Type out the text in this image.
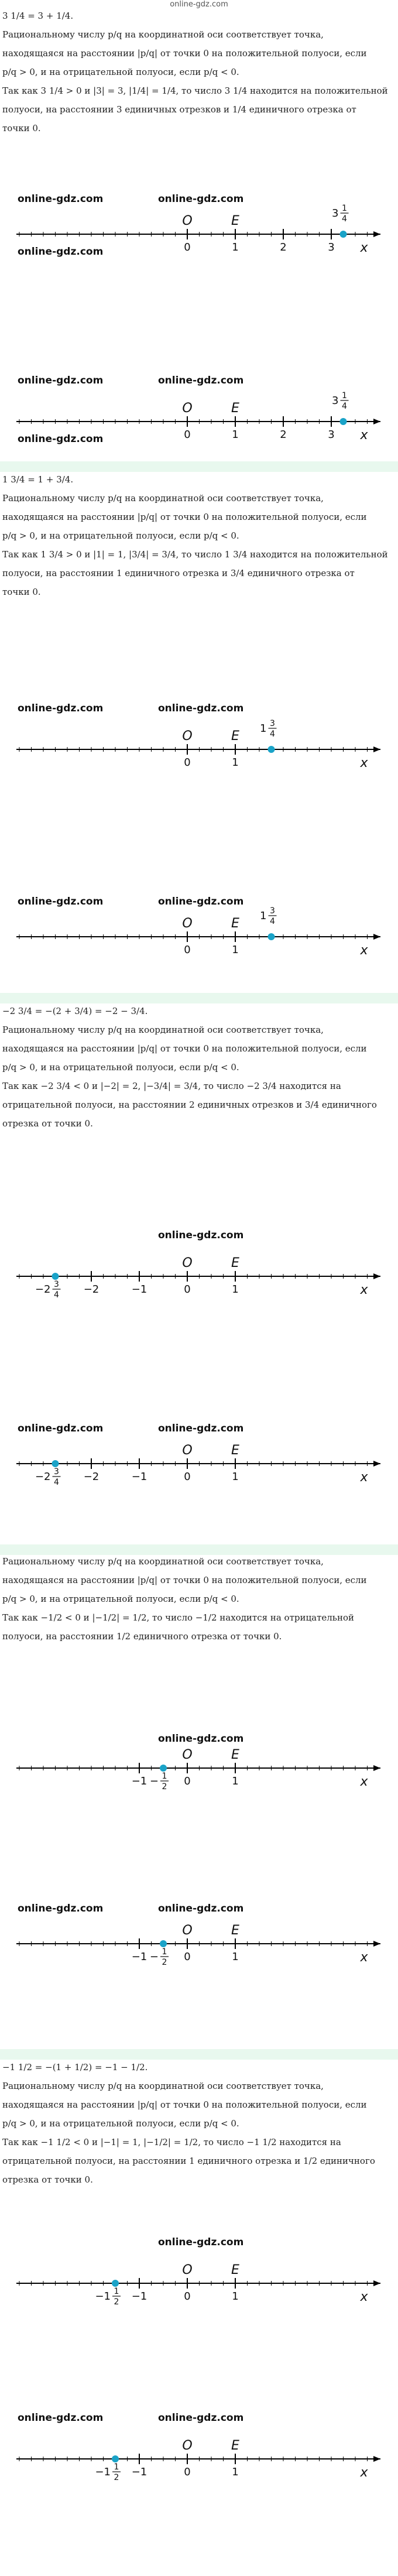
online-gdz.com
3 1/4 = 3 + 1/4.
Рациональному числу p/q на координатной оси соответствует точка,
находящаяся на расстоянии |p/q| от точки 0 на положительной полуоси, если
p/q > 0, и на отрицательной полуоси, если p/q < 0.
Так как 3 1/4 > 0 и |3| = 3, |1/4| = 1/4, то число 3 1/4 находится на положительной
полуоси, на расстоянии 3 единичных отрезков и 1/4 единичного отрезка от
точки 0.
0	1	2	3
O	E
x
3 1
4
0	1	2	3
O	E
x
3 1
4
1 3/4 = 1 + 3/4.
Рациональному числу p/q на координатной оси соответствует точка,
находящаяся на расстоянии |p/q| от точки 0 на положительной полуоси, если
p/q > 0, и на отрицательной полуоси, если p/q < 0.
Так как 1 3/4 > 0 и |1| = 1, |3/4| = 3/4, то число 1 3/4 находится на положительной
полуоси, на расстоянии 1 единичного отрезка и 3/4 единичного отрезка от
точки 0.
0	1
O	E
x
1 3
4
0	1
O	E
x
1 3
4
−2 3/4 = −(2 + 3/4) = −2 − 3/4.
Рациональному числу p/q на координатной оси соответствует точка,
находящаяся на расстоянии |p/q| от точки 0 на положительной полуоси, если
p/q > 0, и на отрицательной полуоси, если p/q < 0.
Так как −2 3/4 < 0 и |−2| = 2, |−3/4| = 3/4, то число −2 3/4 находится на
отрицательной полуоси, на расстоянии 2 единичных отрезков и 3/4 единичного
отрезка от точки 0.
−2	−1	0	1
O	E
x
−2 3
4
−2	−1	0	1
O	E
x
−2 3
4
Рациональному числу p/q на координатной оси соответствует точка,
находящаяся на расстоянии |p/q| от точки 0 на положительной полуоси, если
p/q > 0, и на отрицательной полуоси, если p/q < 0.
Так как −1/2 < 0 и |−1/2| = 1/2, то число −1/2 находится на отрицательной
полуоси, на расстоянии 1/2 единичного отрезка от точки 0.
−1	0	1
O	E
x
− 1
2
−1	0	1
O	E
x
− 1
2
−1 1/2 = −(1 + 1/2) = −1 − 1/2.
Рациональному числу p/q на координатной оси соответствует точка,
находящаяся на расстоянии |p/q| от точки 0 на положительной полуоси, если
p/q > 0, и на отрицательной полуоси, если p/q < 0.
Так как −1 1/2 < 0 и |−1| = 1, |−1/2| = 1/2, то число −1 1/2 находится на
отрицательной полуоси, на расстоянии 1 единичного отрезка и 1/2 единичного
отрезка от точки 0.
−1	0	1
O	E
x
−1 1
2
−1	0	1
O	E
x
−1 1
2
online-gdz.com	online-gdz.com
online-gdz.com
online-gdz.com	online-gdz.com
online-gdz.com
online-gdz.com	online-gdz.com
online-gdz.com	online-gdz.com
online-gdz.com
online-gdz.com	online-gdz.com
online-gdz.com
online-gdz.com	online-gdz.com
online-gdz.com
online-gdz.com	online-gdz.com
